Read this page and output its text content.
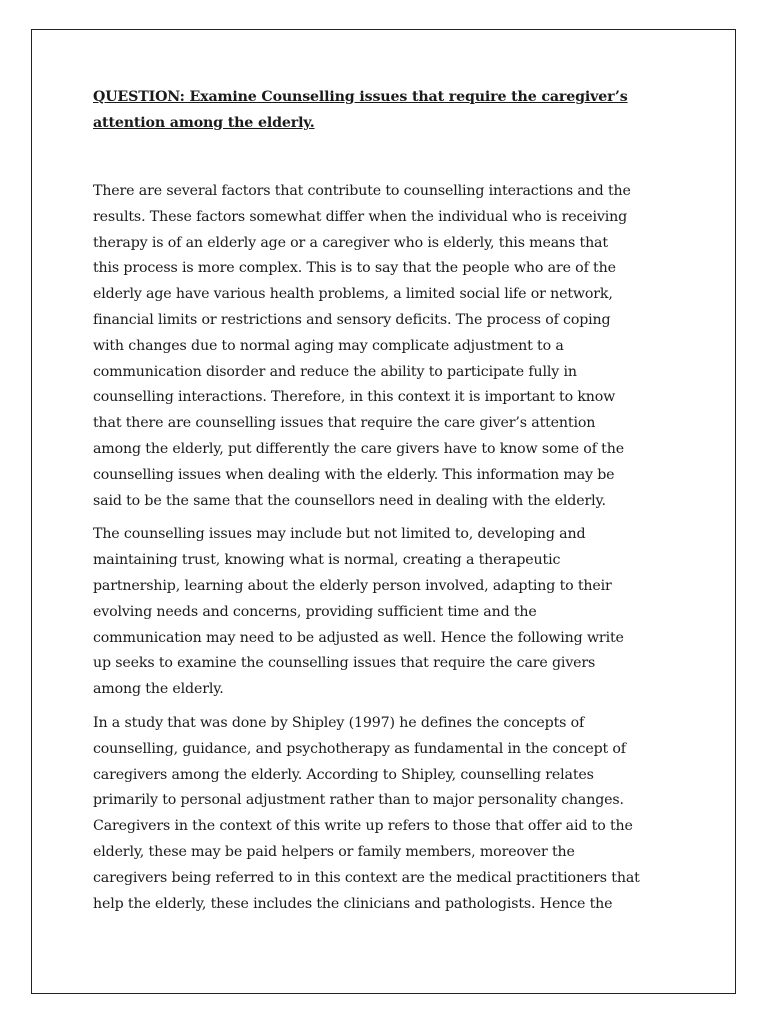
QUESTION: Examine Counselling issues that require the caregiver’s
attention among the elderly.

There are several factors that contribute to counselling interactions and the
results. These factors somewhat differ when the individual who is receiving
therapy is of an elderly age or a caregiver who is elderly, this means that
this process is more complex. This is to say that the people who are of the
elderly age have various health problems, a limited social life or network,
financial limits or restrictions and sensory deficits. The process of coping
with changes due to normal aging may complicate adjustment to a
communication disorder and reduce the ability to participate fully in
counselling interactions. Therefore, in this context it is important to know
that there are counselling issues that require the care giver’s attention
among the elderly, put differently the care givers have to know some of the
counselling issues when dealing with the elderly. This information may be
said to be the same that the counsellors need in dealing with the elderly.

The counselling issues may include but not limited to, developing and
maintaining trust, knowing what is normal, creating a therapeutic
partnership, learning about the elderly person involved, adapting to their
evolving needs and concerns, providing sufficient time and the
communication may need to be adjusted as well. Hence the following write
up seeks to examine the counselling issues that require the care givers
among the elderly.

In a study that was done by Shipley (1997) he defines the concepts of
counselling, guidance, and psychotherapy as fundamental in the concept of
caregivers among the elderly. According to Shipley, counselling relates
primarily to personal adjustment rather than to major personality changes.
Caregivers in the context of this write up refers to those that offer aid to the
elderly, these may be paid helpers or family members, moreover the
caregivers being referred to in this context are the medical practitioners that
help the elderly, these includes the clinicians and pathologists. Hence the
